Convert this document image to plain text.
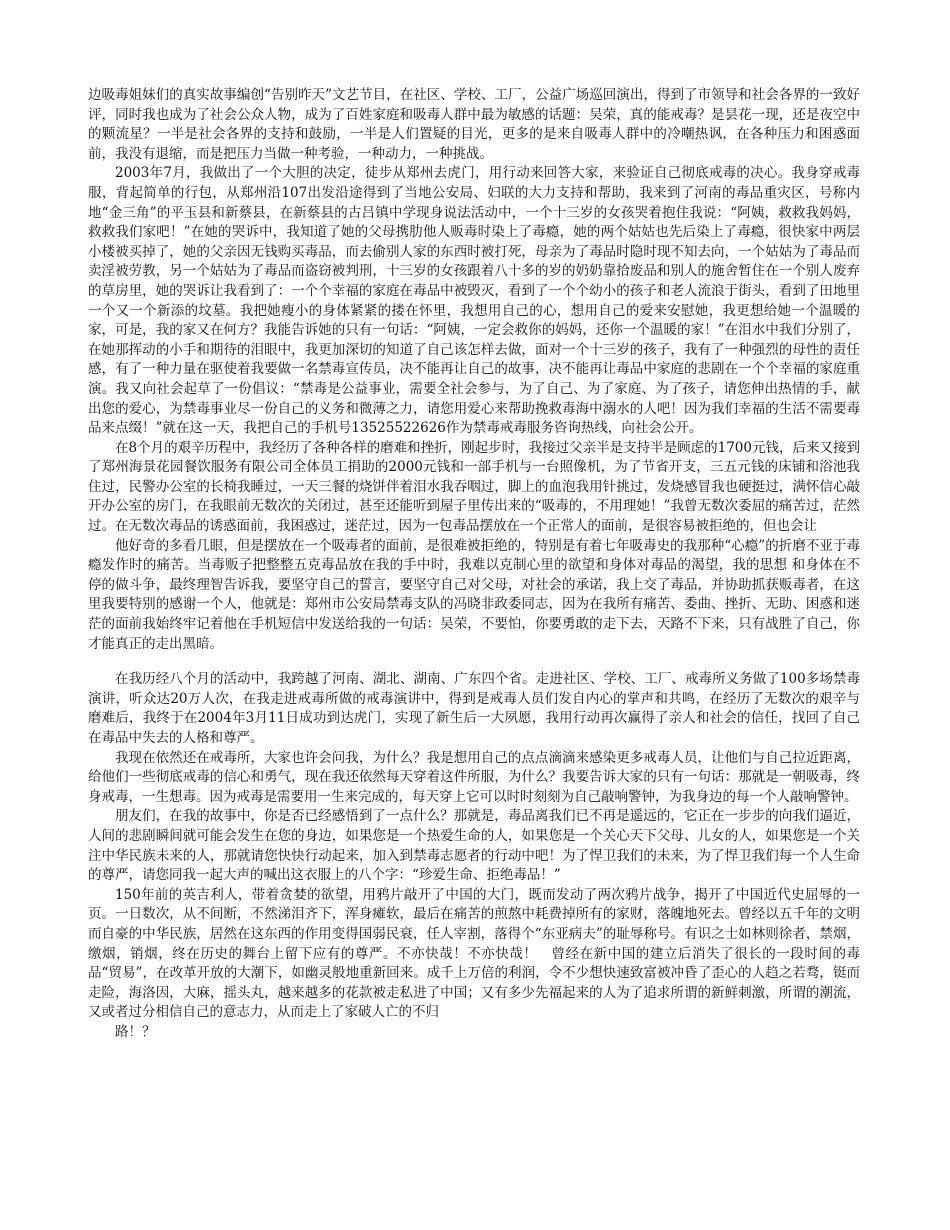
边吸毒姐妹们的真实故事编创“告别昨天”文艺节目，在社区、学校、工厂，公益广场巡回演出，得到了市领导和社会各界的一致好评，同时我也成为了社会公众人物，成为了百姓家庭和吸毒人群中最为敏感的话题：吴荣，真的能戒毒？是昙花一现，还是夜空中的颗流星？一半是社会各界的支持和鼓励，一半是人们置疑的目光，更多的是来自吸毒人群中的冷嘲热讽，在各种压力和困惑面前，我没有退缩，而是把压力当做一种考验，一种动力，一种挑战。

2003年7月，我做出了一个大胆的决定，徒步从郑州去虎门，用行动来回答大家，来验证自己彻底戒毒的决心。我身穿戒毒服，背起简单的行包，从郑州沿107出发沿途得到了当地公安局、妇联的大力支持和帮助，我来到了河南的毒品重灾区，号称内地“金三角”的平玉县和新蔡县，在新蔡县的古吕镇中学现身说法活动中，一个十三岁的女孩哭着抱住我说：“阿姨，救救我妈妈，救救我们家吧！”在她的哭诉中，我知道了她的父母携肋他人贩毒时染上了毒瘾，她的两个姑姑也先后染上了毒瘾，很快家中两层小楼被买掉了，她的父亲因无钱购买毒品，而去偷别人家的东西时被打死，母亲为了毒品时隐时现不知去向，一个姑姑为了毒品而卖淫被劳教，另一个姑姑为了毒品而盗窃被判刑，十三岁的女孩跟着八十多的岁的奶奶靠拾废品和别人的施舍暂住在一个别人废弃的草房里，她的哭诉让我看到了：一个个幸福的家庭在毒品中被毁灭，看到了一个个幼小的孩子和老人流浪于街头，看到了田地里一个又一个新添的坟墓。我把她瘦小的身体紧紧的搂在怀里，我想用自己的心，想用自己的爱来安慰她，我更想给她一个温暖的家，可是，我的家又在何方？我能告诉她的只有一句话：“阿姨，一定会救你的妈妈，还你一个温暖的家！”在泪水中我们分别了，在她那挥动的小手和期待的泪眼中，我更加深切的知道了自己该怎样去做，面对一个十三岁的孩子，我有了一种强烈的母性的责任感，有了一种力量在驱使着我要做一名禁毒宣传员，决不能再让自己的故事，决不能再让毒品中家庭的悲剧在一个个幸福的家庭重演。我又向社会起草了一份倡议：“禁毒是公益事业，需要全社会参与，为了自己、为了家庭、为了孩子，请您伸出热情的手，献出您的爱心，为禁毒事业尽一份自己的义务和微薄之力，请您用爱心来帮助挽救毒海中溺水的人吧！因为我们幸福的生活不需要毒品来点缀！”就在这一天，我把自己的手机号13525522626作为禁毒戒毒服务咨询热线，向社会公开。

在8个月的艰辛历程中，我经历了各种各样的磨难和挫折，刚起步时，我接过父亲半是支持半是顾虑的1700元钱，后来又接到了郑州海景花园餐饮服务有限公司全体员工捐助的2000元钱和一部手机与一台照像机，为了节省开支，三五元钱的床铺和浴池我住过，民警办公室的长椅我睡过，一天三餐的烧饼伴着泪水我吞咽过，脚上的血泡我用针挑过，发烧感冒我也硬挺过，满怀信心敲开办公室的房门，在我眼前无数次的关闭过，甚至还能听到屋子里传出来的“吸毒的，不用理她！”我曾无数次委屈的痛苦过，茫然过。在无数次毒品的诱惑面前，我困惑过，迷茫过，因为一包毒品摆放在一个正常人的面前，是很容易被拒绝的，但也会让

他好奇的多看几眼，但是摆放在一个吸毒者的面前，是很难被拒绝的，特别是有着七年吸毒史的我那种“心瘾”的折磨不亚于毒瘾发作时的痛苦。当毒贩子把整整五克毒品放在我的手中时，我难以克制心里的欲望和身体对毒品的渴望，我的思想 和身体在不停的做斗争，最终理智告诉我，要坚守自己的誓言，要坚守自己对父母，对社会的承诺，我上交了毒品，并协助抓获贩毒者，在这里我要特别的感谢一个人，他就是：郑州市公安局禁毒支队的冯晓非政委同志，因为在我所有痛苦、委曲、挫折、无助、困惑和迷茫的面前我始终牢记着他在手机短信中发送给我的一句话：吴荣，不要怕，你要勇敢的走下去，天路不下来，只有战胜了自己，你才能真正的走出黑暗。

在我历经八个月的活动中，我跨越了河南、湖北、湖南、广东四个省。走进社区、学校、工厂、戒毒所义务做了100多场禁毒演讲，听众达20万人次，在我走进戒毒所做的戒毒演讲中，得到是戒毒人员们发自内心的掌声和共鸣，在经历了无数次的艰辛与磨难后，我终于在2004年3月11日成功到达虎门，实现了新生后一大夙愿，我用行动再次赢得了亲人和社会的信任，找回了自己在毒品中失去的人格和尊严。

我现在依然还在戒毒所，大家也许会问我，为什么？我是想用自己的点点滴滴来感染更多戒毒人员，让他们与自己拉近距离，给他们一些彻底戒毒的信心和勇气，现在我还依然每天穿着这件所服，为什么？我要告诉大家的只有一句话：那就是一朝吸毒，终身戒毒，一生想毒。因为戒毒是需要用一生来完成的，每天穿上它可以时时刻刻为自己敲响警钟，为我身边的每一个人敲响警钟。

朋友们，在我的故事中，你是否已经感悟到了一点什么？那就是，毒品离我们已不再是遥远的，它正在一步步的向我们逼近，人间的悲剧瞬间就可能会发生在您的身边，如果您是一个热爱生命的人，如果您是一个关心天下父母、儿女的人，如果您是一个关注中华民族未来的人，那就请您快快行动起来，加入到禁毒志愿者的行动中吧！为了悍卫我们的未来，为了悍卫我们每一个人生命的尊严，请您同我一起大声的喊出这衣服上的八个字：“珍爱生命、拒绝毒品！”

150年前的英吉利人，带着贪婪的欲望，用鸦片敲开了中国的大门，既而发动了两次鸦片战争，揭开了中国近代史屈辱的一页。一日数次，从不间断，不然涕泪齐下，浑身瘫软，最后在痛苦的煎熬中耗费掉所有的家财，落魄地死去。曾经以五千年的文明而自豪的中华民族，居然在这东西的作用变得国弱民衰，任人宰割，落得个“东亚病夫”的耻辱称号。有识之士如林则徐者，禁烟，缴烟，销烟，终在历史的舞台上留下应有的尊严。不亦快哉！不亦快哉！　曾经在新中国的建立后消失了很长的一段时间的毒品“贸易”，在改革开放的大潮下，如幽灵般地重新回来。成千上万倍的利润，令不少想快速致富被冲昏了歪心的人趋之若骛，铤而走险，海洛因，大麻，摇头丸，越来越多的花款被走私进了中国；又有多少先福起来的人为了追求所谓的新鲜刺激，所谓的潮流，又或者过分相信自己的意志力，从而走上了家破人亡的不归

路！？
